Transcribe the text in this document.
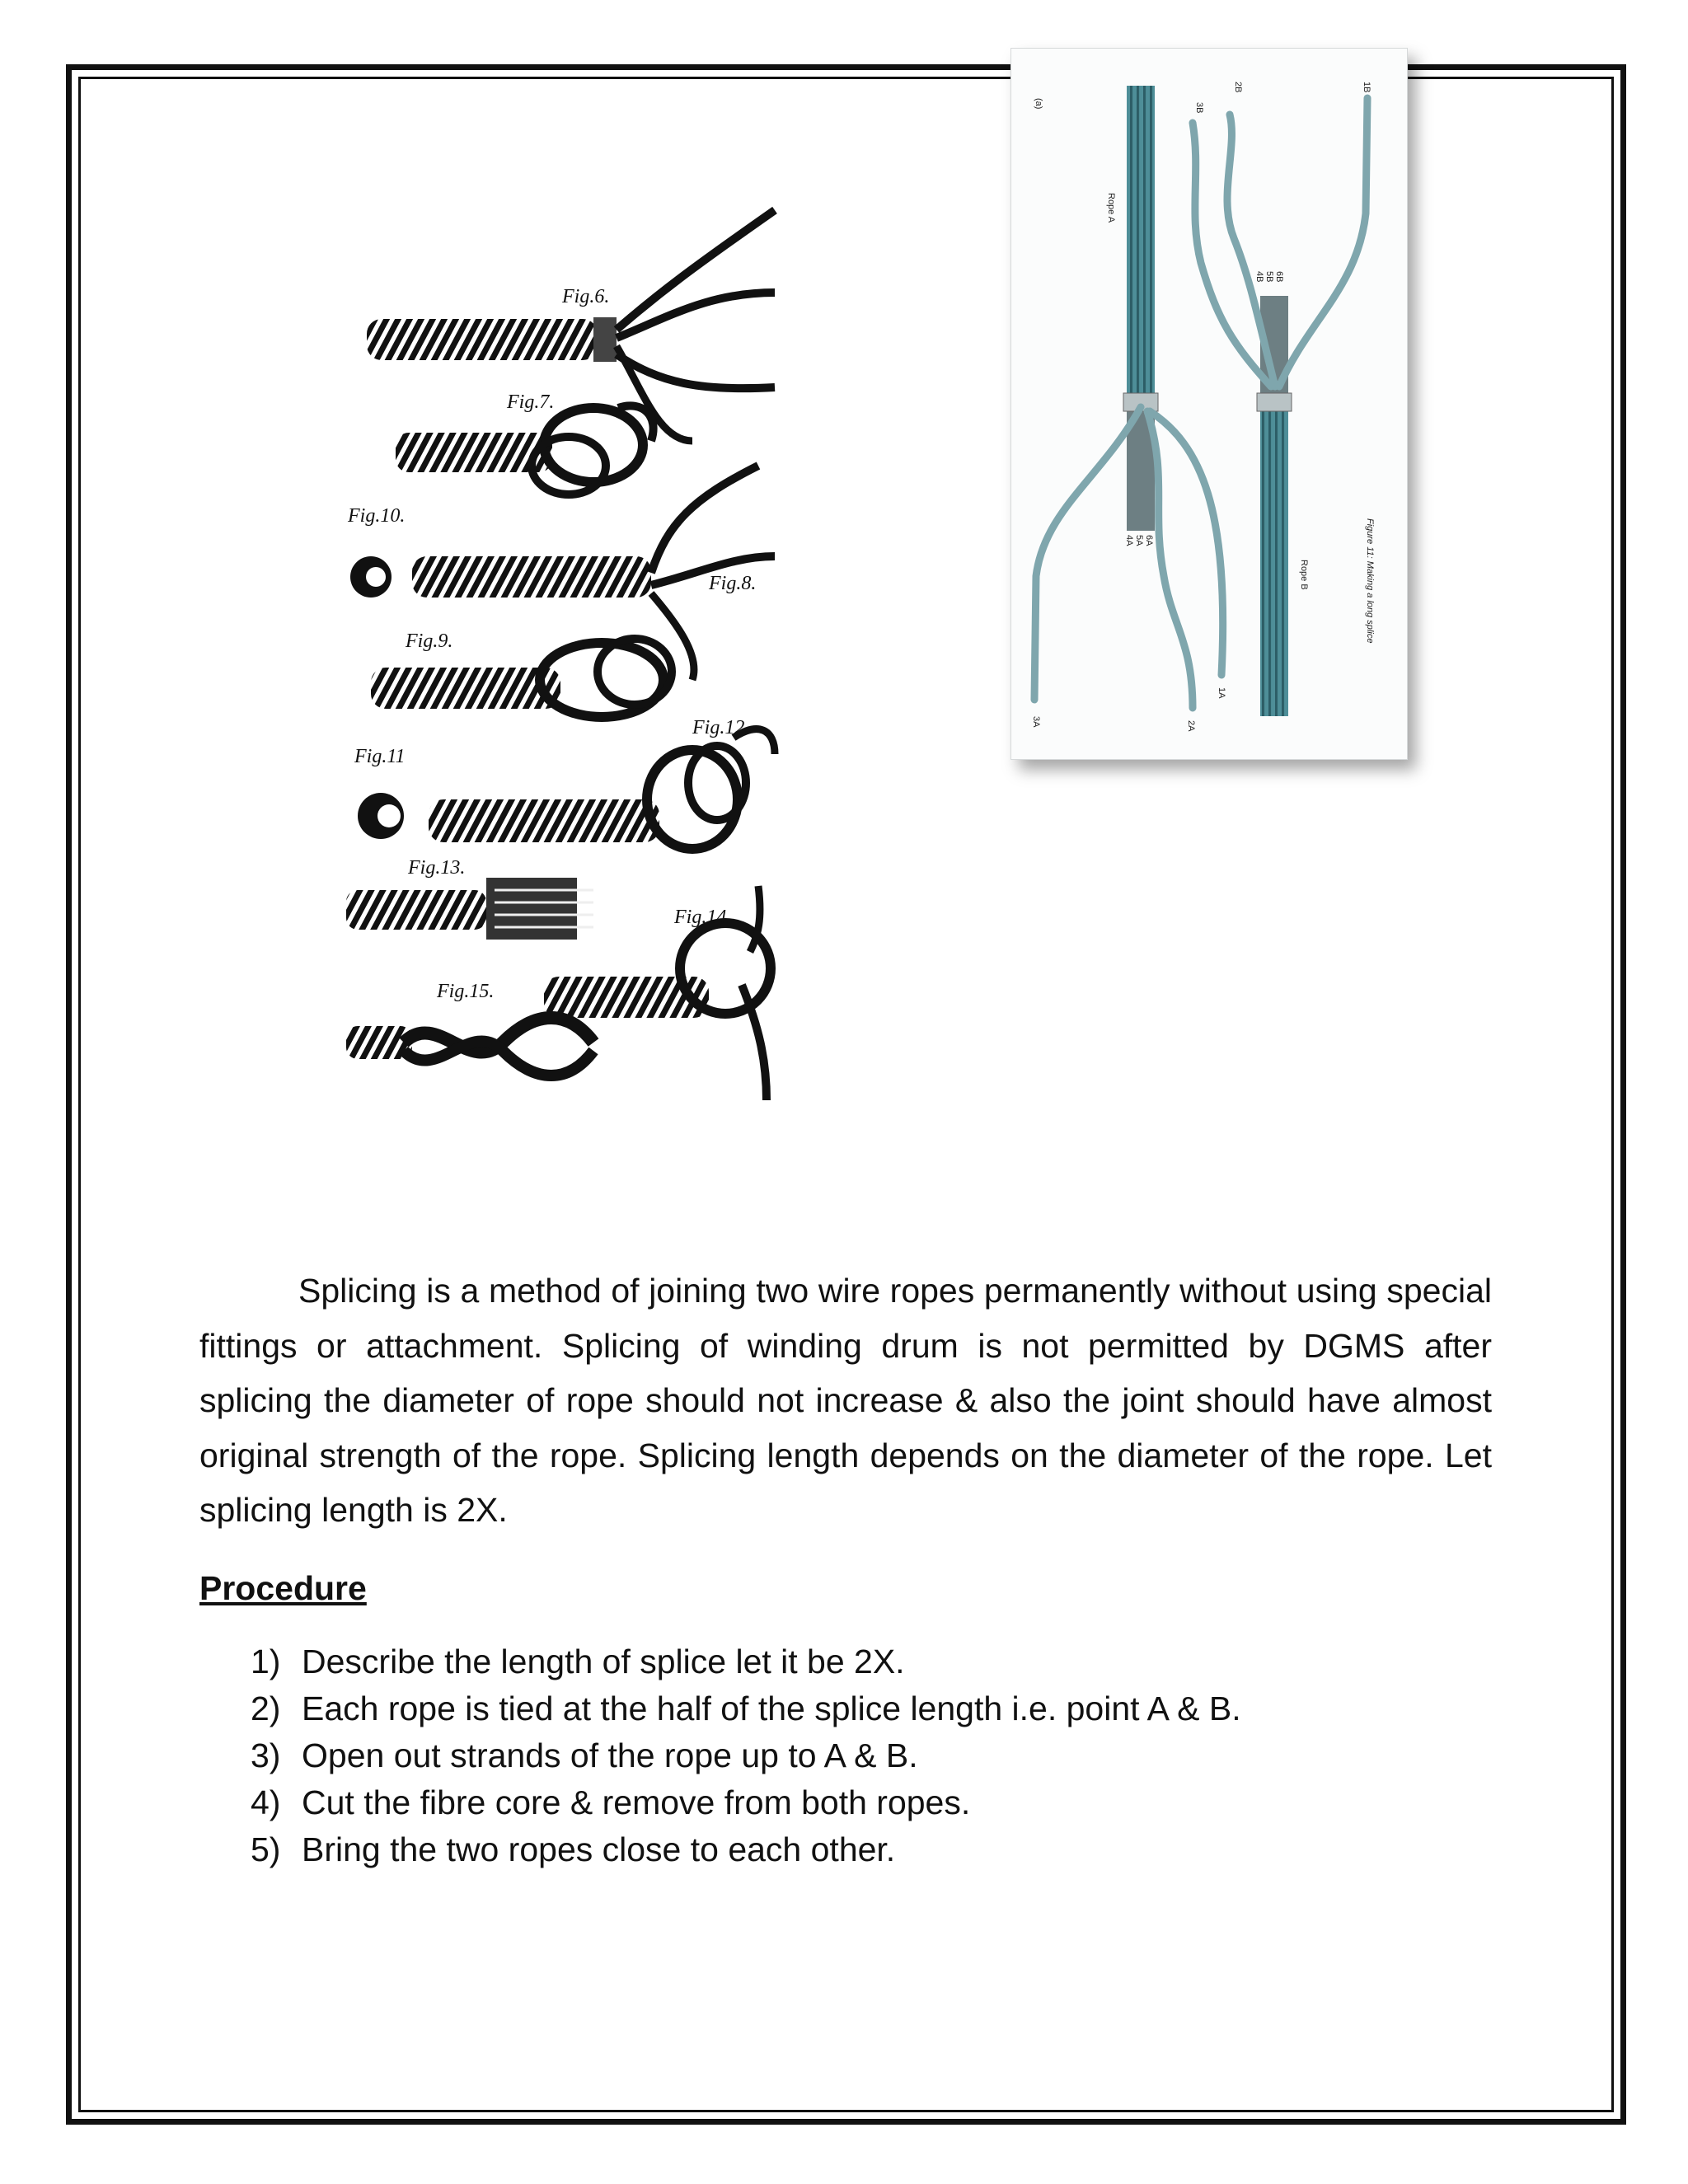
Fig.6.
Fig.7.
Fig.10.
Fig.8.
Fig.9.
Fig.11
Fig.12.
Fig.13.
Fig.14.
Fig.15.
3A	2A
1A
4A 5A 6A
1B
2B
3B
4B 5B 6B
(a)
Rope A
Rope B	Figure 11: Making a long splice

Splicing is a method of joining two wire ropes permanently without using special fittings or attachment. Splicing of winding drum is not permitted by DGMS after splicing the diameter of rope should not increase & also the joint should have almost original strength of the rope. Splicing length depends on the diameter of the rope. Let splicing length is 2X.

Procedure
1) Describe the length of splice let it be 2X.
2) Each rope is tied at the half of the splice length i.e. point A & B.
3) Open out strands of the rope up to A & B.
4) Cut the fibre core & remove from both ropes.
5) Bring the two ropes close to each other.
